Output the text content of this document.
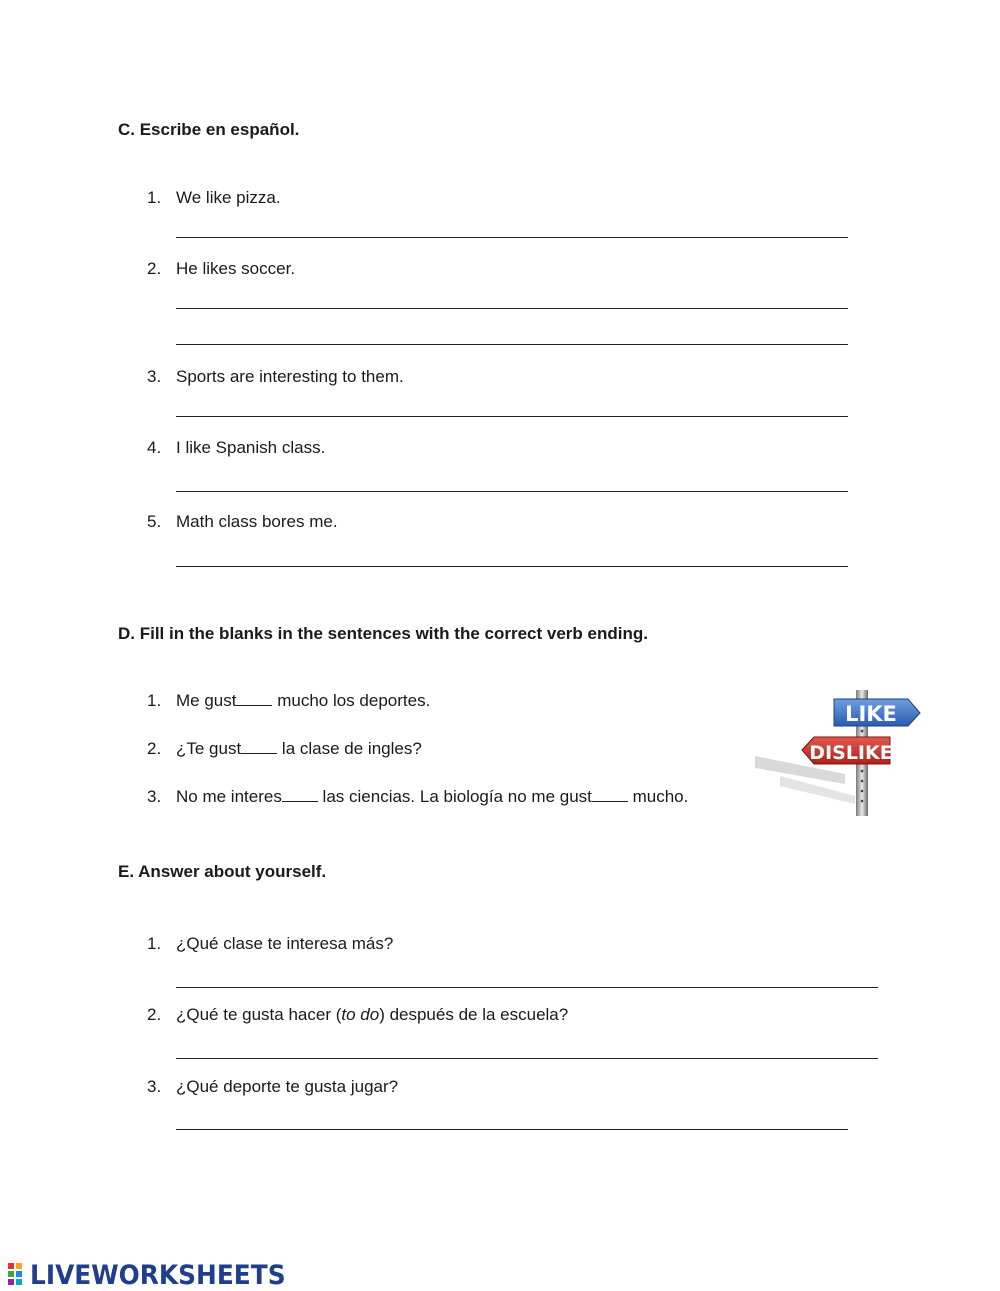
C. Escribe en español.
1. We like pizza.
2. He likes soccer.
3. Sports are interesting to them.
4. I like Spanish class.
5. Math class bores me.
D. Fill in the blanks in the sentences with the correct verb ending.
1. Me gust mucho los deportes.
2. ¿Te gust la clase de ingles?
3. No me interes las ciencias. La biología no me gust mucho.
LIKE
DISLIKE
E. Answer about yourself.
1. ¿Qué clase te interesa más?
2. ¿Qué te gusta hacer (to do) después de la escuela?
3. ¿Qué deporte te gusta jugar?
LIVEWORKSHEETS
